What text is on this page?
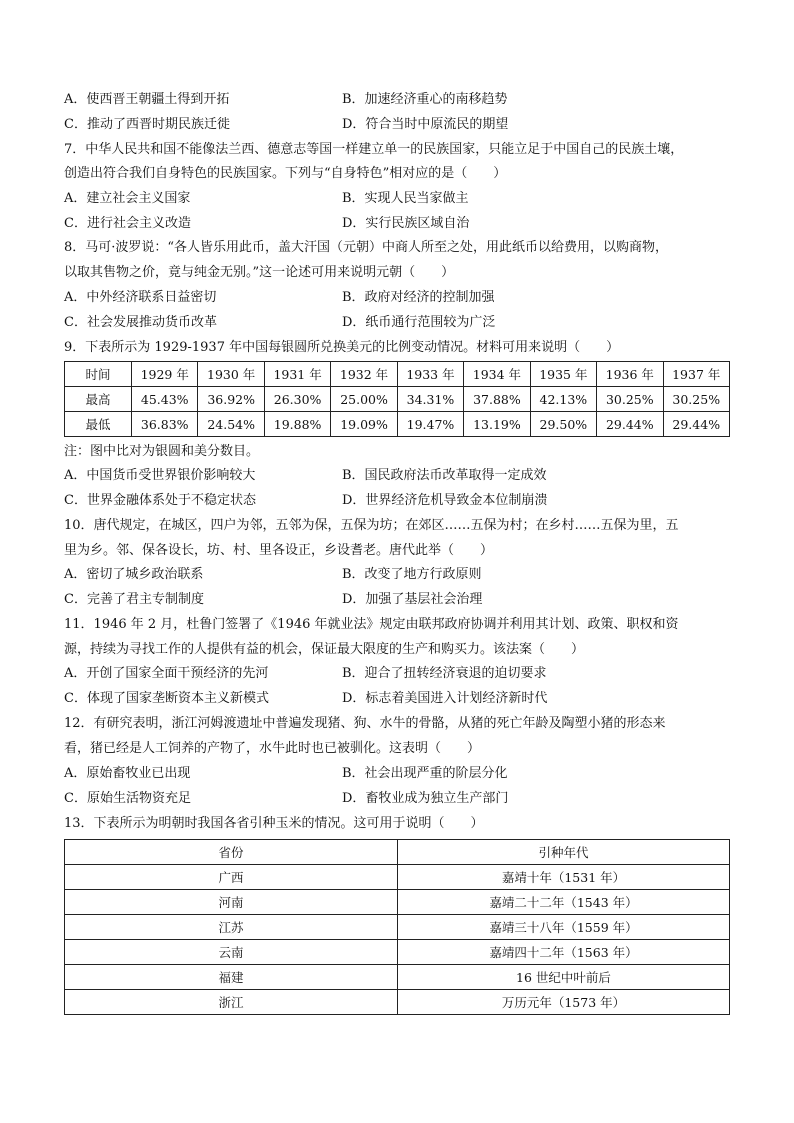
A．使西晋王朝疆土得到开拓	B．加速经济重心的南移趋势
C．推动了西晋时期民族迁徙	D．符合当时中原流民的期望
7．中华人民共和国不能像法兰西、德意志等国一样建立单一的民族国家，只能立足于中国自己的民族土壤，
创造出符合我们自身特色的民族国家。下列与“自身特色”相对应的是（　　）
A．建立社会主义国家	B．实现人民当家做主
C．进行社会主义改造	D．实行民族区域自治
8．马可·波罗说：“各人皆乐用此币，盖大汗国（元朝）中商人所至之处，用此纸币以给费用，以购商物，
以取其售物之价，竟与纯金无别。”这一论述可用来说明元朝（　　）
A．中外经济联系日益密切	B．政府对经济的控制加强
C．社会发展推动货币改革	D．纸币通行范围较为广泛
9．下表所示为 1929-1937 年中国每银圆所兑换美元的比例变动情况。材料可用来说明（　　）
时间	1929 年	1930 年	1931 年	1932 年	1933 年	1934 年	1935 年	1936 年	1937 年
最高	45.43%	36.92%	26.30%	25.00%	34.31%	37.88%	42.13%	30.25%	30.25%
最低	36.83%	24.54%	19.88%	19.09%	19.47%	13.19%	29.50%	29.44%	29.44%
注：图中比对为银圆和美分数目。
A．中国货币受世界银价影响较大	B．国民政府法币改革取得一定成效
C．世界金融体系处于不稳定状态	D．世界经济危机导致金本位制崩溃
10．唐代规定，在城区，四户为邻，五邻为保，五保为坊；在郊区……五保为村；在乡村……五保为里，五
里为乡。邻、保各设长，坊、村、里各设正，乡设耆老。唐代此举（　　）
A．密切了城乡政治联系	B．改变了地方行政原则
C．完善了君主专制制度	D．加强了基层社会治理
11．1946 年 2 月，杜鲁门签署了《1946 年就业法》规定由联邦政府协调并利用其计划、政策、职权和资
源，持续为寻找工作的人提供有益的机会，保证最大限度的生产和购买力。该法案（　　）
A．开创了国家全面干预经济的先河	B．迎合了扭转经济衰退的迫切要求
C．体现了国家垄断资本主义新模式	D．标志着美国进入计划经济新时代
12．有研究表明，浙江河姆渡遗址中普遍发现猪、狗、水牛的骨骼，从猪的死亡年龄及陶塑小猪的形态来
看，猪已经是人工饲养的产物了，水牛此时也已被驯化。这表明（　　）
A．原始畜牧业已出现	B．社会出现严重的阶层分化
C．原始生活物资充足	D．畜牧业成为独立生产部门
13．下表所示为明朝时我国各省引种玉米的情况。这可用于说明（　　）
省份	引种年代
广西	嘉靖十年（1531 年）
河南	嘉靖二十二年（1543 年）
江苏	嘉靖三十八年（1559 年）
云南	嘉靖四十二年（1563 年）
福建	16 世纪中叶前后
浙江	万历元年（1573 年）
